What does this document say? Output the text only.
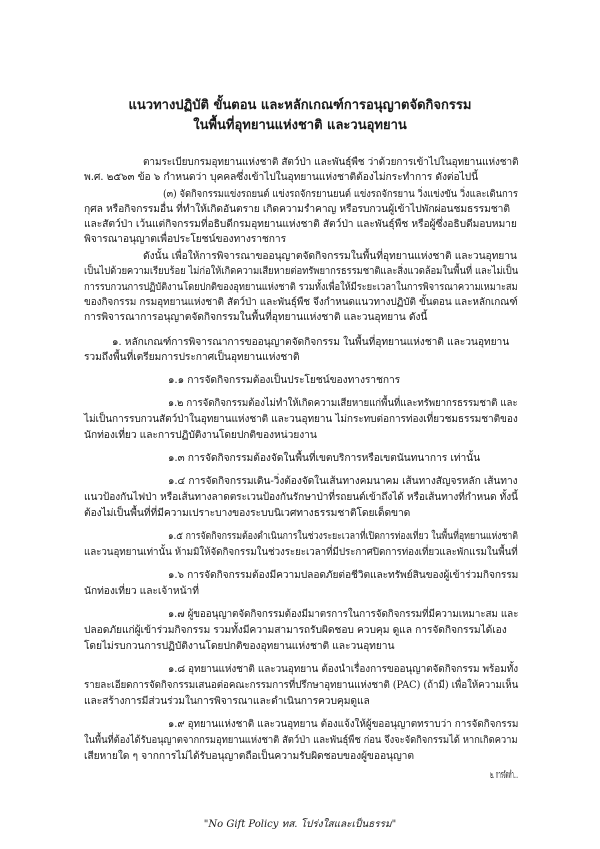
แนวทางปฏิบัติ ขั้นตอน และหลักเกณฑ์การอนุญาตจัดกิจกรรม
ในพื้นที่อุทยานแห่งชาติ และวนอุทยาน
ตามระเบียบกรมอุทยานแห่งชาติ สัตว์ป่า และพันธุ์พืช ว่าด้วยการเข้าไปในอุทยานแห่งชาติ
พ.ศ. ๒๕๖๓ ข้อ ๖ กำหนดว่า บุคคลซึ่งเข้าไปในอุทยานแห่งชาติต้องไม่กระทำการ ดังต่อไปนี้
(๓) จัดกิจกรรมแข่งรถยนต์ แข่งรถจักรยานยนต์ แข่งรถจักรยาน วิ่งแข่งขัน วิ่งและเดินการ
กุศล หรือกิจกรรมอื่น ที่ทำให้เกิดอันตราย เกิดความรำคาญ หรือรบกวนผู้เข้าไปพักผ่อนชมธรรมชาติ
และสัตว์ป่า เว้นแต่กิจกรรมที่อธิบดีกรมอุทยานแห่งชาติ สัตว์ป่า และพันธุ์พืช หรือผู้ซึ่งอธิบดีมอบหมาย
พิจารณาอนุญาตเพื่อประโยชน์ของทางราชการ
ดังนั้น เพื่อให้การพิจารณาขออนุญาตจัดกิจกรรมในพื้นที่อุทยานแห่งชาติ และวนอุทยาน
เป็นไปด้วยความเรียบร้อย ไม่ก่อให้เกิดความเสียหายต่อทรัพยากรธรรมชาติและสิ่งแวดล้อมในพื้นที่ และไม่เป็น
การรบกวนการปฏิบัติงานโดยปกติของอุทยานแห่งชาติ รวมทั้งเพื่อให้มีระยะเวลาในการพิจารณาความเหมาะสม
ของกิจกรรม กรมอุทยานแห่งชาติ สัตว์ป่า และพันธุ์พืช จึงกำหนดแนวทางปฏิบัติ ขั้นตอน และหลักเกณฑ์
การพิจารณาการอนุญาตจัดกิจกรรมในพื้นที่อุทยานแห่งชาติ และวนอุทยาน ดังนี้
๑. หลักเกณฑ์การพิจารณาการขออนุญาตจัดกิจกรรม ในพื้นที่อุทยานแห่งชาติ และวนอุทยาน
รวมถึงพื้นที่เตรียมการประกาศเป็นอุทยานแห่งชาติ
๑.๑ การจัดกิจกรรมต้องเป็นประโยชน์ของทางราชการ
๑.๒ การจัดกิจกรรมต้องไม่ทำให้เกิดความเสียหายแก่พื้นที่และทรัพยากรธรรมชาติ และ
ไม่เป็นการรบกวนสัตว์ป่าในอุทยานแห่งชาติ และวนอุทยาน ไม่กระทบต่อการท่องเที่ยวชมธรรมชาติของ
นักท่องเที่ยว และการปฏิบัติงานโดยปกติของหน่วยงาน
๑.๓ การจัดกิจกรรมต้องจัดในพื้นที่เขตบริการหรือเขตนันทนาการ เท่านั้น
๑.๔ การจัดกิจกรรมเดิน-วิ่งต้องจัดในเส้นทางคมนาคม เส้นทางสัญจรหลัก เส้นทาง
แนวป้องกันไฟป่า หรือเส้นทางลาดตระเวนป้องกันรักษาป่าที่รถยนต์เข้าถึงได้ หรือเส้นทางที่กำหนด ทั้งนี้
ต้องไม่เป็นพื้นที่ที่มีความเปราะบางของระบบนิเวศทางธรรมชาติโดยเด็ดขาด
๑.๕ การจัดกิจกรรมต้องดำเนินการในช่วงระยะเวลาที่เปิดการท่องเที่ยว ในพื้นที่อุทยานแห่งชาติ
และวนอุทยานเท่านั้น ห้ามมิให้จัดกิจกรรมในช่วงระยะเวลาที่มีประกาศปิดการท่องเที่ยวและพักแรมในพื้นที่
๑.๖ การจัดกิจกรรมต้องมีความปลอดภัยต่อชีวิตและทรัพย์สินของผู้เข้าร่วมกิจกรรม
นักท่องเที่ยว และเจ้าหน้าที่
๑.๗ ผู้ขออนุญาตจัดกิจกรรมต้องมีมาตรการในการจัดกิจกรรมที่มีความเหมาะสม และ
ปลอดภัยแก่ผู้เข้าร่วมกิจกรรม รวมทั้งมีความสามารถรับผิดชอบ ควบคุม ดูแล การจัดกิจกรรมได้เอง
โดยไม่รบกวนการปฏิบัติงานโดยปกติของอุทยานแห่งชาติ และวนอุทยาน
๑.๘ อุทยานแห่งชาติ และวนอุทยาน ต้องนำเรื่องการขออนุญาตจัดกิจกรรม พร้อมทั้ง
รายละเอียดการจัดกิจกรรมเสนอต่อคณะกรรมการที่ปรึกษาอุทยานแห่งชาติ (PAC) (ถ้ามี) เพื่อให้ความเห็น
และสร้างการมีส่วนร่วมในการพิจารณาและดำเนินการควบคุมดูแล
๑.๙ อุทยานแห่งชาติ และวนอุทยาน ต้องแจ้งให้ผู้ขออนุญาตทราบว่า การจัดกิจกรรม
ในพื้นที่ต้องได้รับอนุญาตจากกรมอุทยานแห่งชาติ สัตว์ป่า และพันธุ์พืช ก่อน จึงจะจัดกิจกรรมได้ หากเกิดความ
เสียหายใด ๆ จากการไม่ได้รับอนุญาตถือเป็นความรับผิดชอบของผู้ขออนุญาต
๒. การจัดทำ...
"No Gift Policy ทส. โปร่งใสและเป็นธรรม"
